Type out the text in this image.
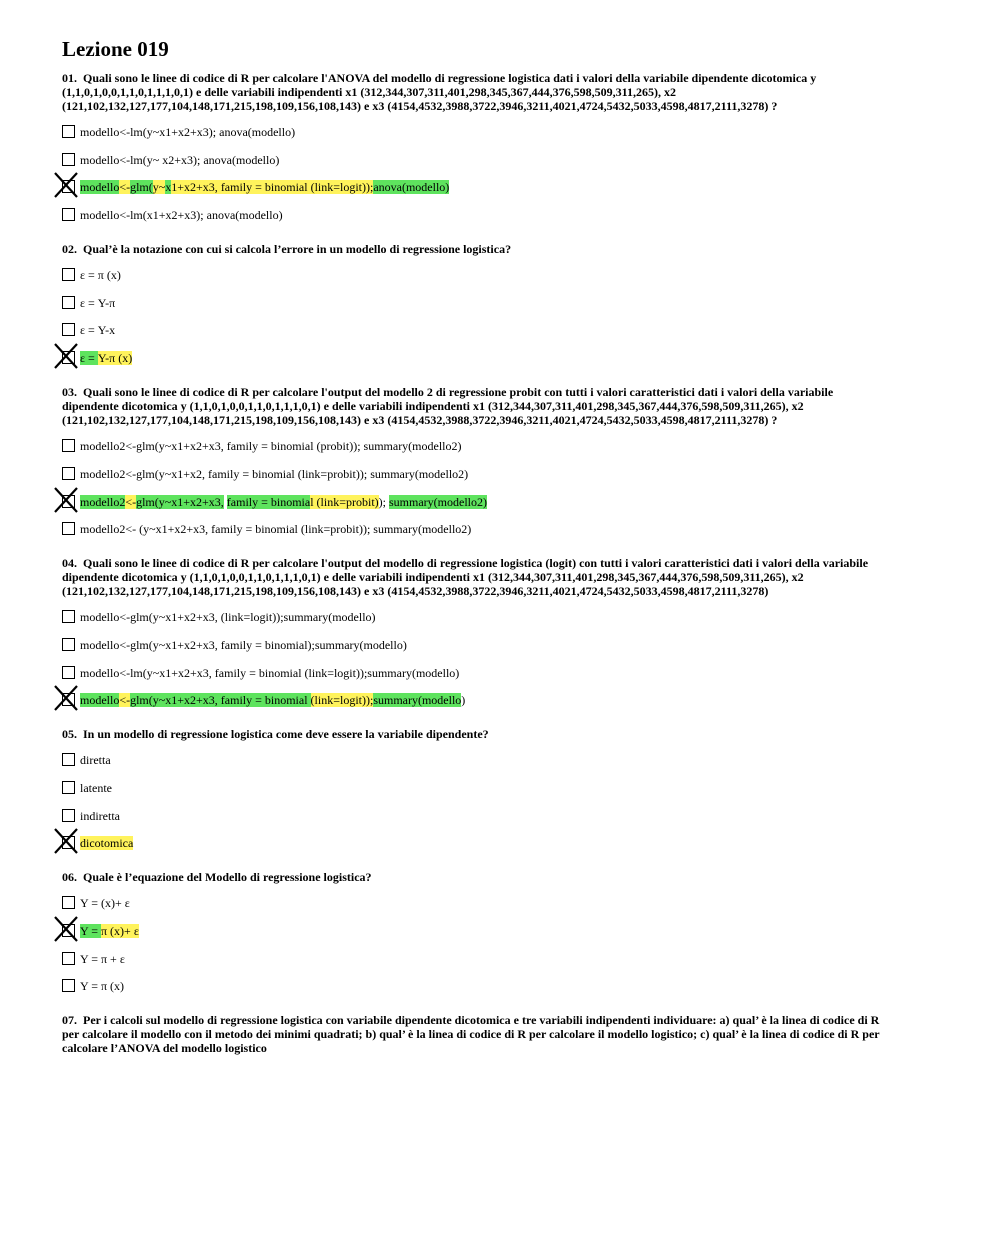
Lezione 019
01. Quali sono le linee di codice di R per calcolare l'ANOVA del modello di regressione logistica dati i valori della variabile dipendente dicotomica y
(1,1,0,1,0,0,1,1,0,1,1,1,0,1) e delle variabili indipendenti x1 (312,344,307,311,401,298,345,367,444,376,598,509,311,265), x2
(121,102,132,127,177,104,148,171,215,198,109,156,108,143) e x3 (4154,4532,3988,3722,3946,3211,4021,4724,5432,5033,4598,4817,2111,3278) ?
modello<-lm(y~x1+x2+x3); anova(modello)
modello<-lm(y~ x2+x3); anova(modello)
modello<-glm(y~x1+x2+x3, family = binomial (link=logit));anova(modello)
modello<-lm(x1+x2+x3); anova(modello)
02. Qual’è la notazione con cui si calcola l’errore in un modello di regressione logistica?
ε = π (x)
ε = Y-π
ε = Y-x
ε = Y-π (x)
03. Quali sono le linee di codice di R per calcolare l'output del modello 2 di regressione probit con tutti i valori caratteristici dati i valori della variabile
dipendente dicotomica y (1,1,0,1,0,0,1,1,0,1,1,1,0,1) e delle variabili indipendenti x1 (312,344,307,311,401,298,345,367,444,376,598,509,311,265), x2
(121,102,132,127,177,104,148,171,215,198,109,156,108,143) e x3 (4154,4532,3988,3722,3946,3211,4021,4724,5432,5033,4598,4817,2111,3278) ?
modello2<-glm(y~x1+x2+x3, family = binomial (probit)); summary(modello2)
modello2<-glm(y~x1+x2, family = binomial (link=probit)); summary(modello2)
modello2<-glm(y~x1+x2+x3, family = binomial (link=probit)); summary(modello2)
modello2<- (y~x1+x2+x3, family = binomial (link=probit)); summary(modello2)
04. Quali sono le linee di codice di R per calcolare l'output del modello di regressione logistica (logit) con tutti i valori caratteristici dati i valori della variabile
dipendente dicotomica y (1,1,0,1,0,0,1,1,0,1,1,1,0,1) e delle variabili indipendenti x1 (312,344,307,311,401,298,345,367,444,376,598,509,311,265), x2
(121,102,132,127,177,104,148,171,215,198,109,156,108,143) e x3 (4154,4532,3988,3722,3946,3211,4021,4724,5432,5033,4598,4817,2111,3278)
modello<-glm(y~x1+x2+x3, (link=logit));summary(modello)
modello<-glm(y~x1+x2+x3, family = binomial);summary(modello)
modello<-lm(y~x1+x2+x3, family = binomial (link=logit));summary(modello)
modello<-glm(y~x1+x2+x3, family = binomial (link=logit));summary(modello)
05. In un modello di regressione logistica come deve essere la variabile dipendente?
diretta
latente
indiretta
dicotomica
06. Quale è l’equazione del Modello di regressione logistica?
Y = (x)+ ε
Y = π (x)+ ε
Y = π + ε
Y = π (x)
07. Per i calcoli sul modello di regressione logistica con variabile dipendente dicotomica e tre variabili indipendenti individuare: a) qual’ è la linea di codice di R
per calcolare il modello con il metodo dei minimi quadrati; b) qual’ è la linea di codice di R per calcolare il modello logistico; c) qual’ è la linea di codice di R per
calcolare l’ANOVA del modello logistico
